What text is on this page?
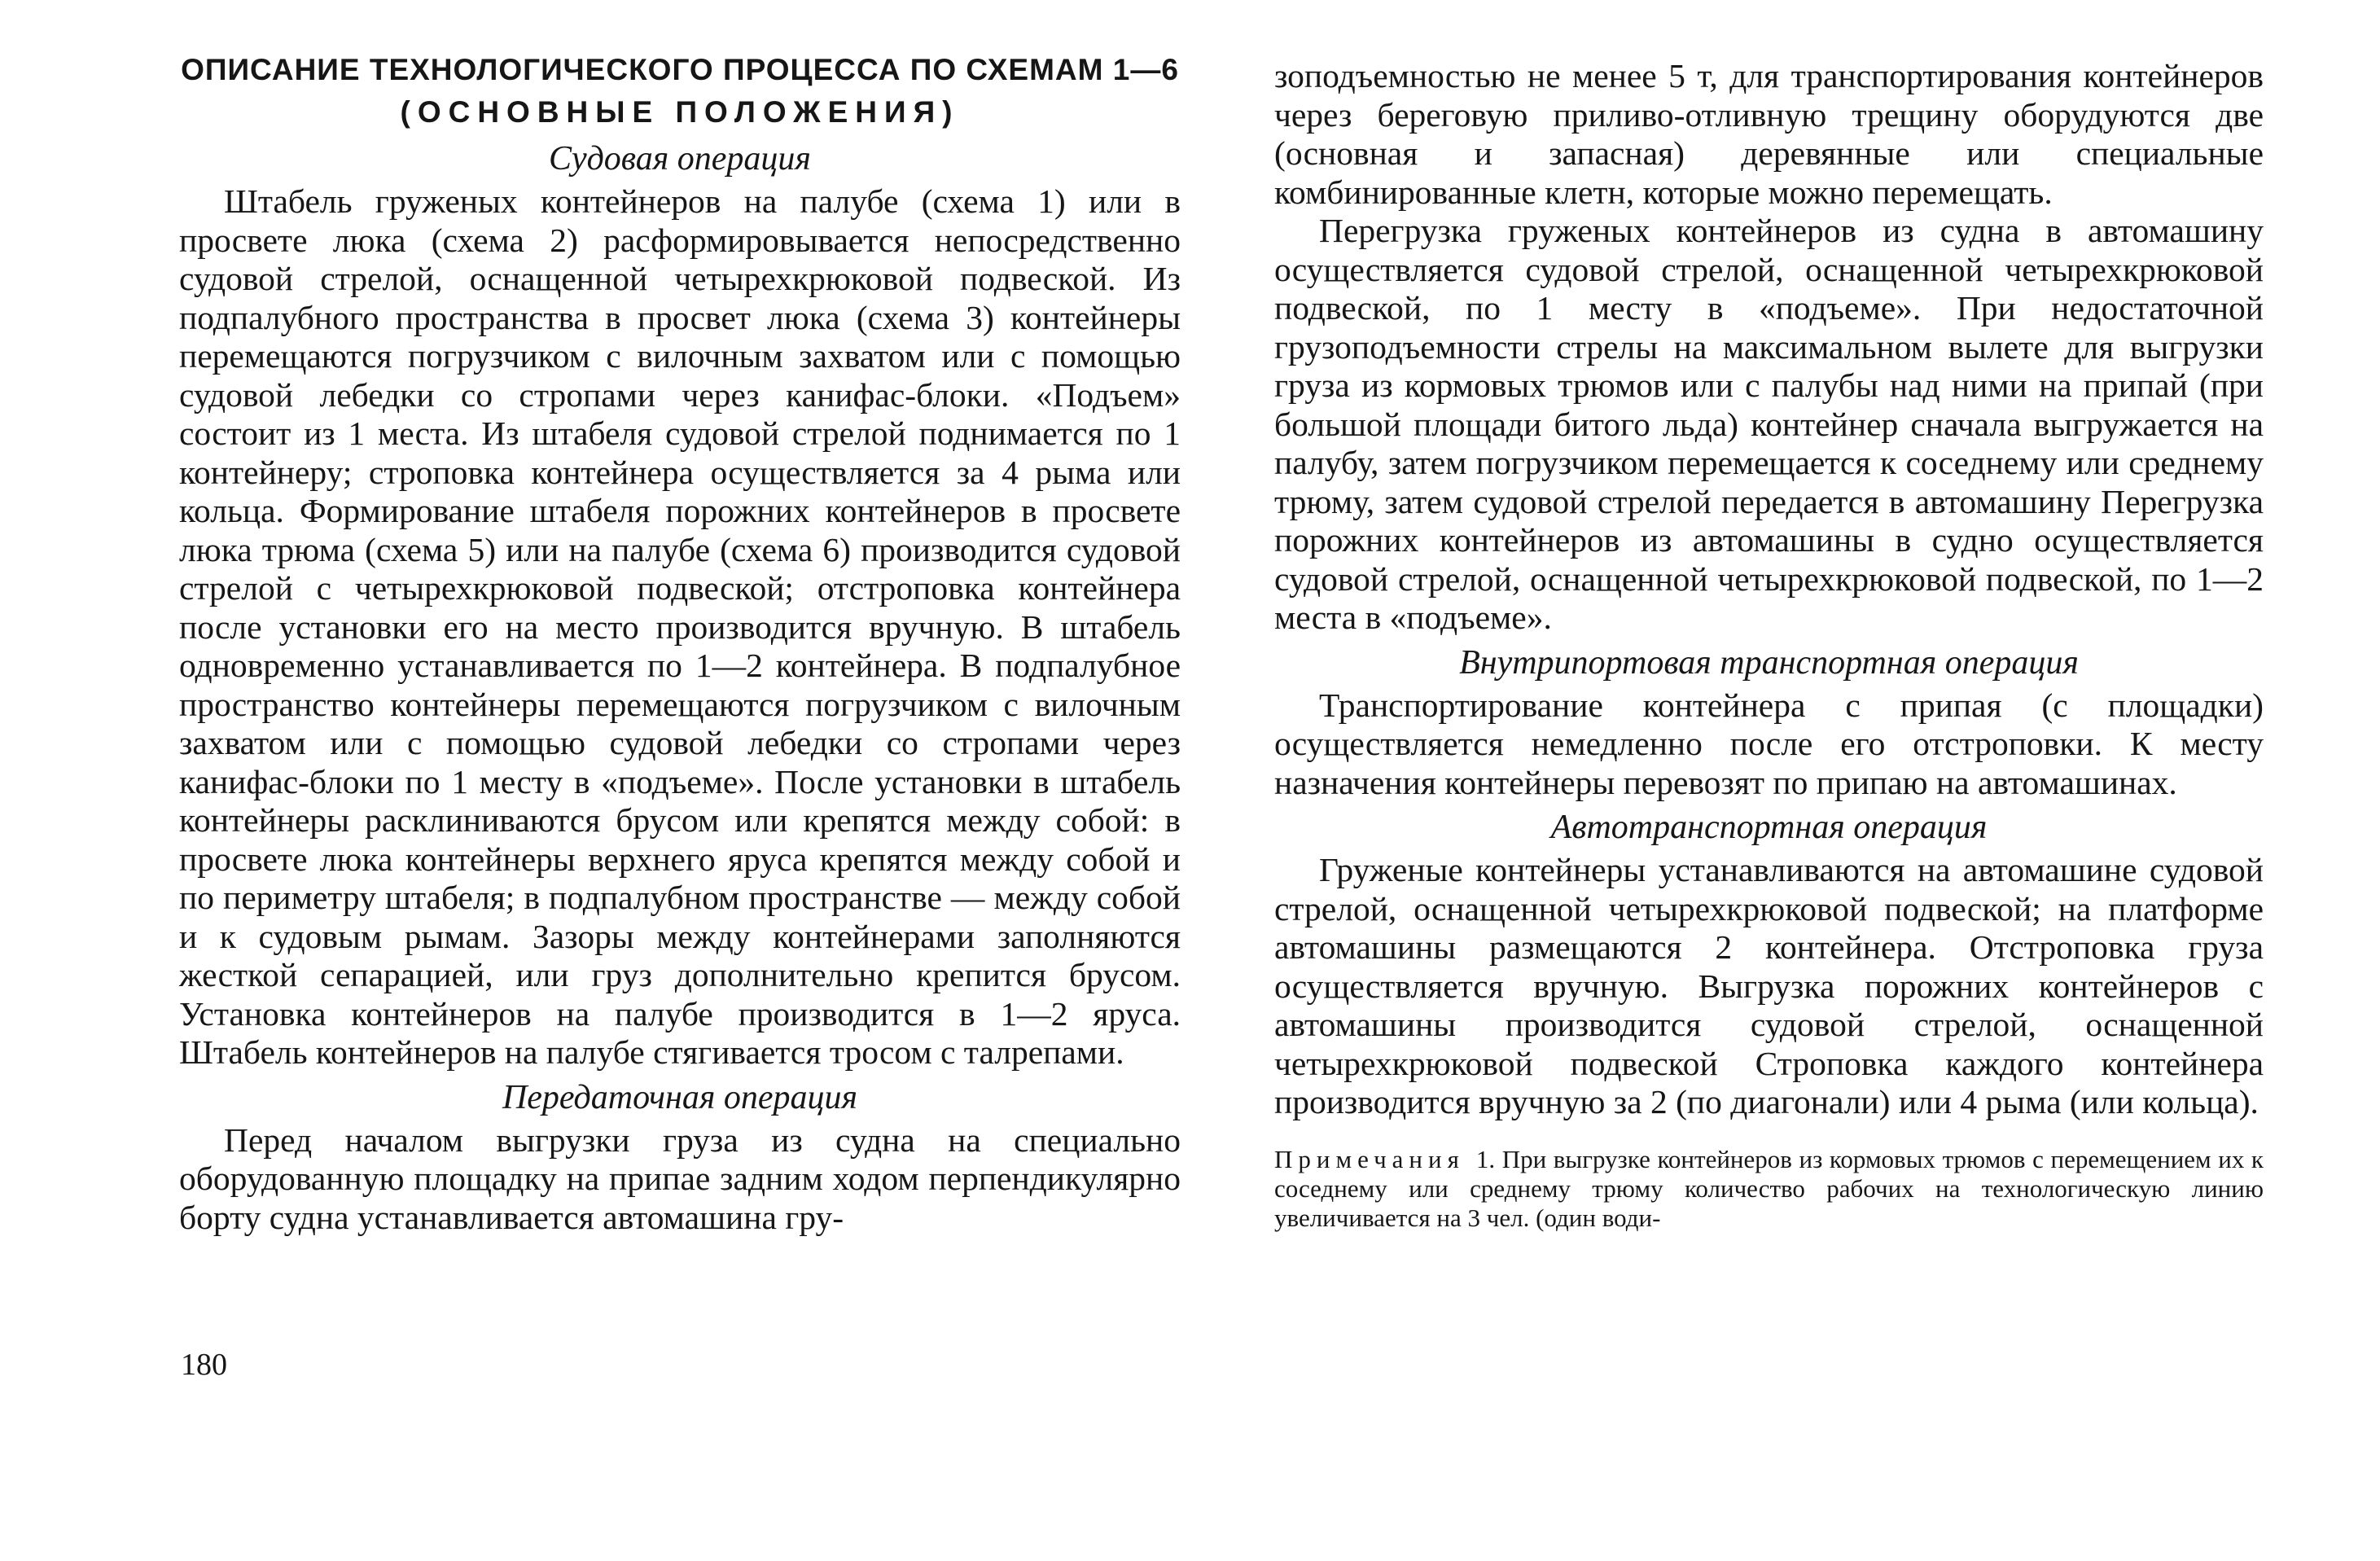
ОПИСАНИЕ ТЕХНОЛОГИЧЕСКОГО ПРОЦЕССА ПО СХЕМАМ 1—6
(ОСНОВНЫЕ ПОЛОЖЕНИЯ)
Судовая операция

Штабель груженых контейнеров на палубе (схема 1) или в просвете люка (схема 2) расформировывается непосредственно судовой стрелой, оснащенной четырехкрюковой подвеской. Из подпалубного пространства в просвет люка (схема 3) контейнеры перемещаются погрузчиком с вилочным захватом или с помощью судовой лебедки со стропами через канифас-блоки. «Подъем» состоит из 1 места. Из штабеля судовой стрелой поднимается по 1 контейнеру; строповка контейнера осуществляется за 4 рыма или кольца. Формирование штабеля порожних контейнеров в просвете люка трюма (схема 5) или на палубе (схема 6) производится судовой стрелой с четырехкрюковой подвеской; отстроповка контейнера после установки его на место производится вручную. В штабель одновременно устанавливается по 1—2 контейнера. В подпалубное пространство контейнеры перемещаются погрузчиком с вилочным захватом или с помощью судовой лебедки со стропами через канифас-блоки по 1 месту в «подъеме». После установки в штабель контейнеры расклиниваются брусом или крепятся между собой: в просвете люка контейнеры верхнего яруса крепятся между собой и по периметру штабеля; в подпалубном пространстве — между собой и к судовым рымам. Зазоры между контейнерами заполняются жесткой сепарацией, или груз дополнительно крепится брусом. Установка контейнеров на палубе производится в 1—2 яруса. Штабель контейнеров на палубе стягивается тросом с талрепами.

Передаточная операция

Перед началом выгрузки груза из судна на специально оборудованную площадку на припае задним ходом перпендикулярно борту судна устанавливается автомашина гру-

180

зоподъемностью не менее 5 т, для транспортирования контейнеров через береговую приливо-отливную трещину оборудуются две (основная и запасная) деревянные или специальные комбинированные клетн, которые можно перемещать.

Перегрузка груженых контейнеров из судна в автомашину осуществляется судовой стрелой, оснащенной четырехкрюковой подвеской, по 1 месту в «подъеме». При недостаточной грузоподъемности стрелы на максимальном вылете для выгрузки груза из кормовых трюмов или с палубы над ними на припай (при большой площади битого льда) контейнер сначала выгружается на палубу, затем погрузчиком перемещается к соседнему или среднему трюму, затем судовой стрелой передается в автомашину Перегрузка порожних контейнеров из автомашины в судно осуществляется судовой стрелой, оснащенной четырехкрюковой подвеской, по 1—2 места в «подъеме».

Внутрипортовая транспортная операция

Транспортирование контейнера с припая (с площадки) осуществляется немедленно после его отстроповки. К месту назначения контейнеры перевозят по припаю на автомашинах.

Автотранспортная операция

Груженые контейнеры устанавливаются на автомашине судовой стрелой, оснащенной четырехкрюковой подвеской; на платформе автомашины размещаются 2 контейнера. Отстроповка груза осуществляется вручную. Выгрузка порожних контейнеров с автомашины производится судовой стрелой, оснащенной четырехкрюковой подвеской Строповка каждого контейнера производится вручную за 2 (по диагонали) или 4 рыма (или кольца).

Примечания 1. При выгрузке контейнеров из кормовых трюмов с перемещением их к соседнему или среднему трюму количество рабочих на технологическую линию увеличивается на 3 чел. (один води-
